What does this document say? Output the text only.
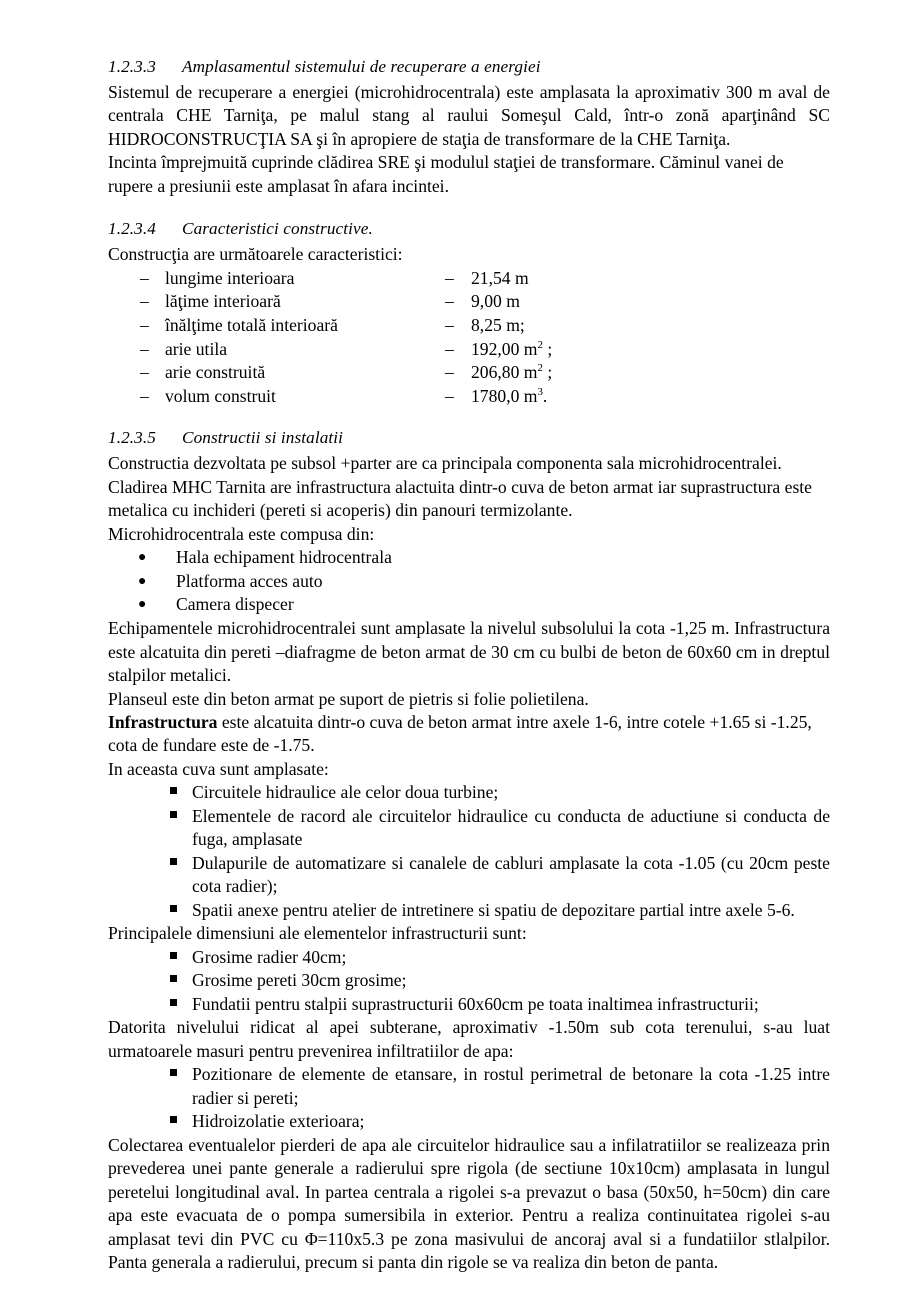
1.2.3.3 Amplasamentul sistemului de recuperare a energiei

Sistemul de recuperare a energiei (microhidrocentrala) este amplasata la aproximativ 300 m aval de centrala CHE Tarniţa, pe malul stang al raului Someşul Cald, într-o zonă aparţinând SC HIDROCONSTRUCŢIA SA şi în apropiere de staţia de transformare de la CHE Tarniţa.

Incinta împrejmuită cuprinde clădirea SRE şi modulul staţiei de transformare. Căminul vanei de rupere a presiunii este amplasat în afara incintei.

1.2.3.4 Caracteristici constructive.

Construcţia are următoarele caracteristici:

– lungime interioara	– 21,54 m
– lăţime interioară	– 9,00 m
– înălţime totală interioară	– 8,25 m;
– arie utila	– 192,00 $m^2$ ;
– arie construită	– 206,80 $m^2$ ;
– volum construit	– 1780,0 $m^3$.
1.2.3.5 Constructii si instalatii

Constructia dezvoltata pe subsol +parter are ca principala componenta sala microhidrocentralei.

Cladirea MHC Tarnita are infrastructura alactuita dintr-o cuva de beton armat iar suprastructura este metalica cu inchideri (pereti si acoperis) din panouri termizolante.

Microhidrocentrala este compusa din:

●	Hala echipament hidrocentrala
●	Platforma acces auto
●	Camera dispecer

Echipamentele microhidrocentralei sunt amplasate la nivelul subsolului la cota -1,25 m. Infrastructura este alcatuita din pereti –diafragme de beton armat de 30 cm cu bulbi de beton de 60x60 cm in dreptul stalpilor metalici.

Planseul este din beton armat pe suport de pietris si folie polietilena.

Infrastructura este alcatuita dintr-o cuva de beton armat intre axele 1-6, intre cotele +1.65 si -1.25, cota de fundare este de -1.75.

In aceasta cuva sunt amplasate:

Circuitele hidraulice ale celor doua turbine;
Elementele de racord ale circuitelor hidraulice cu conducta de aductiune si conducta de fuga, amplasate
Dulapurile de automatizare si canalele de cabluri amplasate la cota -1.05 (cu 20cm peste cota radier);
Spatii anexe pentru atelier de intretinere si spatiu de depozitare partial intre axele 5-6.

Principalele dimensiuni ale elementelor infrastructurii sunt:

Grosime radier 40cm;
Grosime pereti 30cm grosime;
Fundatii pentru stalpii suprastructurii 60x60cm pe toata inaltimea infrastructurii;

Datorita nivelului ridicat al apei subterane, aproximativ -1.50m sub cota terenului, s-au luat urmatoarele masuri pentru prevenirea infiltratiilor de apa:

Pozitionare de elemente de etansare, in rostul perimetral de betonare la cota -1.25 intre radier si pereti;
Hidroizolatie exterioara;

Colectarea eventualelor pierderi de apa ale circuitelor hidraulice sau a infilatratiilor se realizeaza prin prevederea unei pante generale a radierului spre rigola (de sectiune 10x10cm) amplasata in lungul peretelui longitudinal aval. In partea centrala a rigolei s-a prevazut o basa (50x50, h=50cm) din care apa este evacuata de o pompa sumersibila in exterior. Pentru a realiza continuitatea rigolei s-au amplasat tevi din PVC cu Φ=110x5.3 pe zona masivului de ancoraj aval si a fundatiilor stlalpilor. Panta generala a radierului, precum si panta din rigole se va realiza din beton de panta.
